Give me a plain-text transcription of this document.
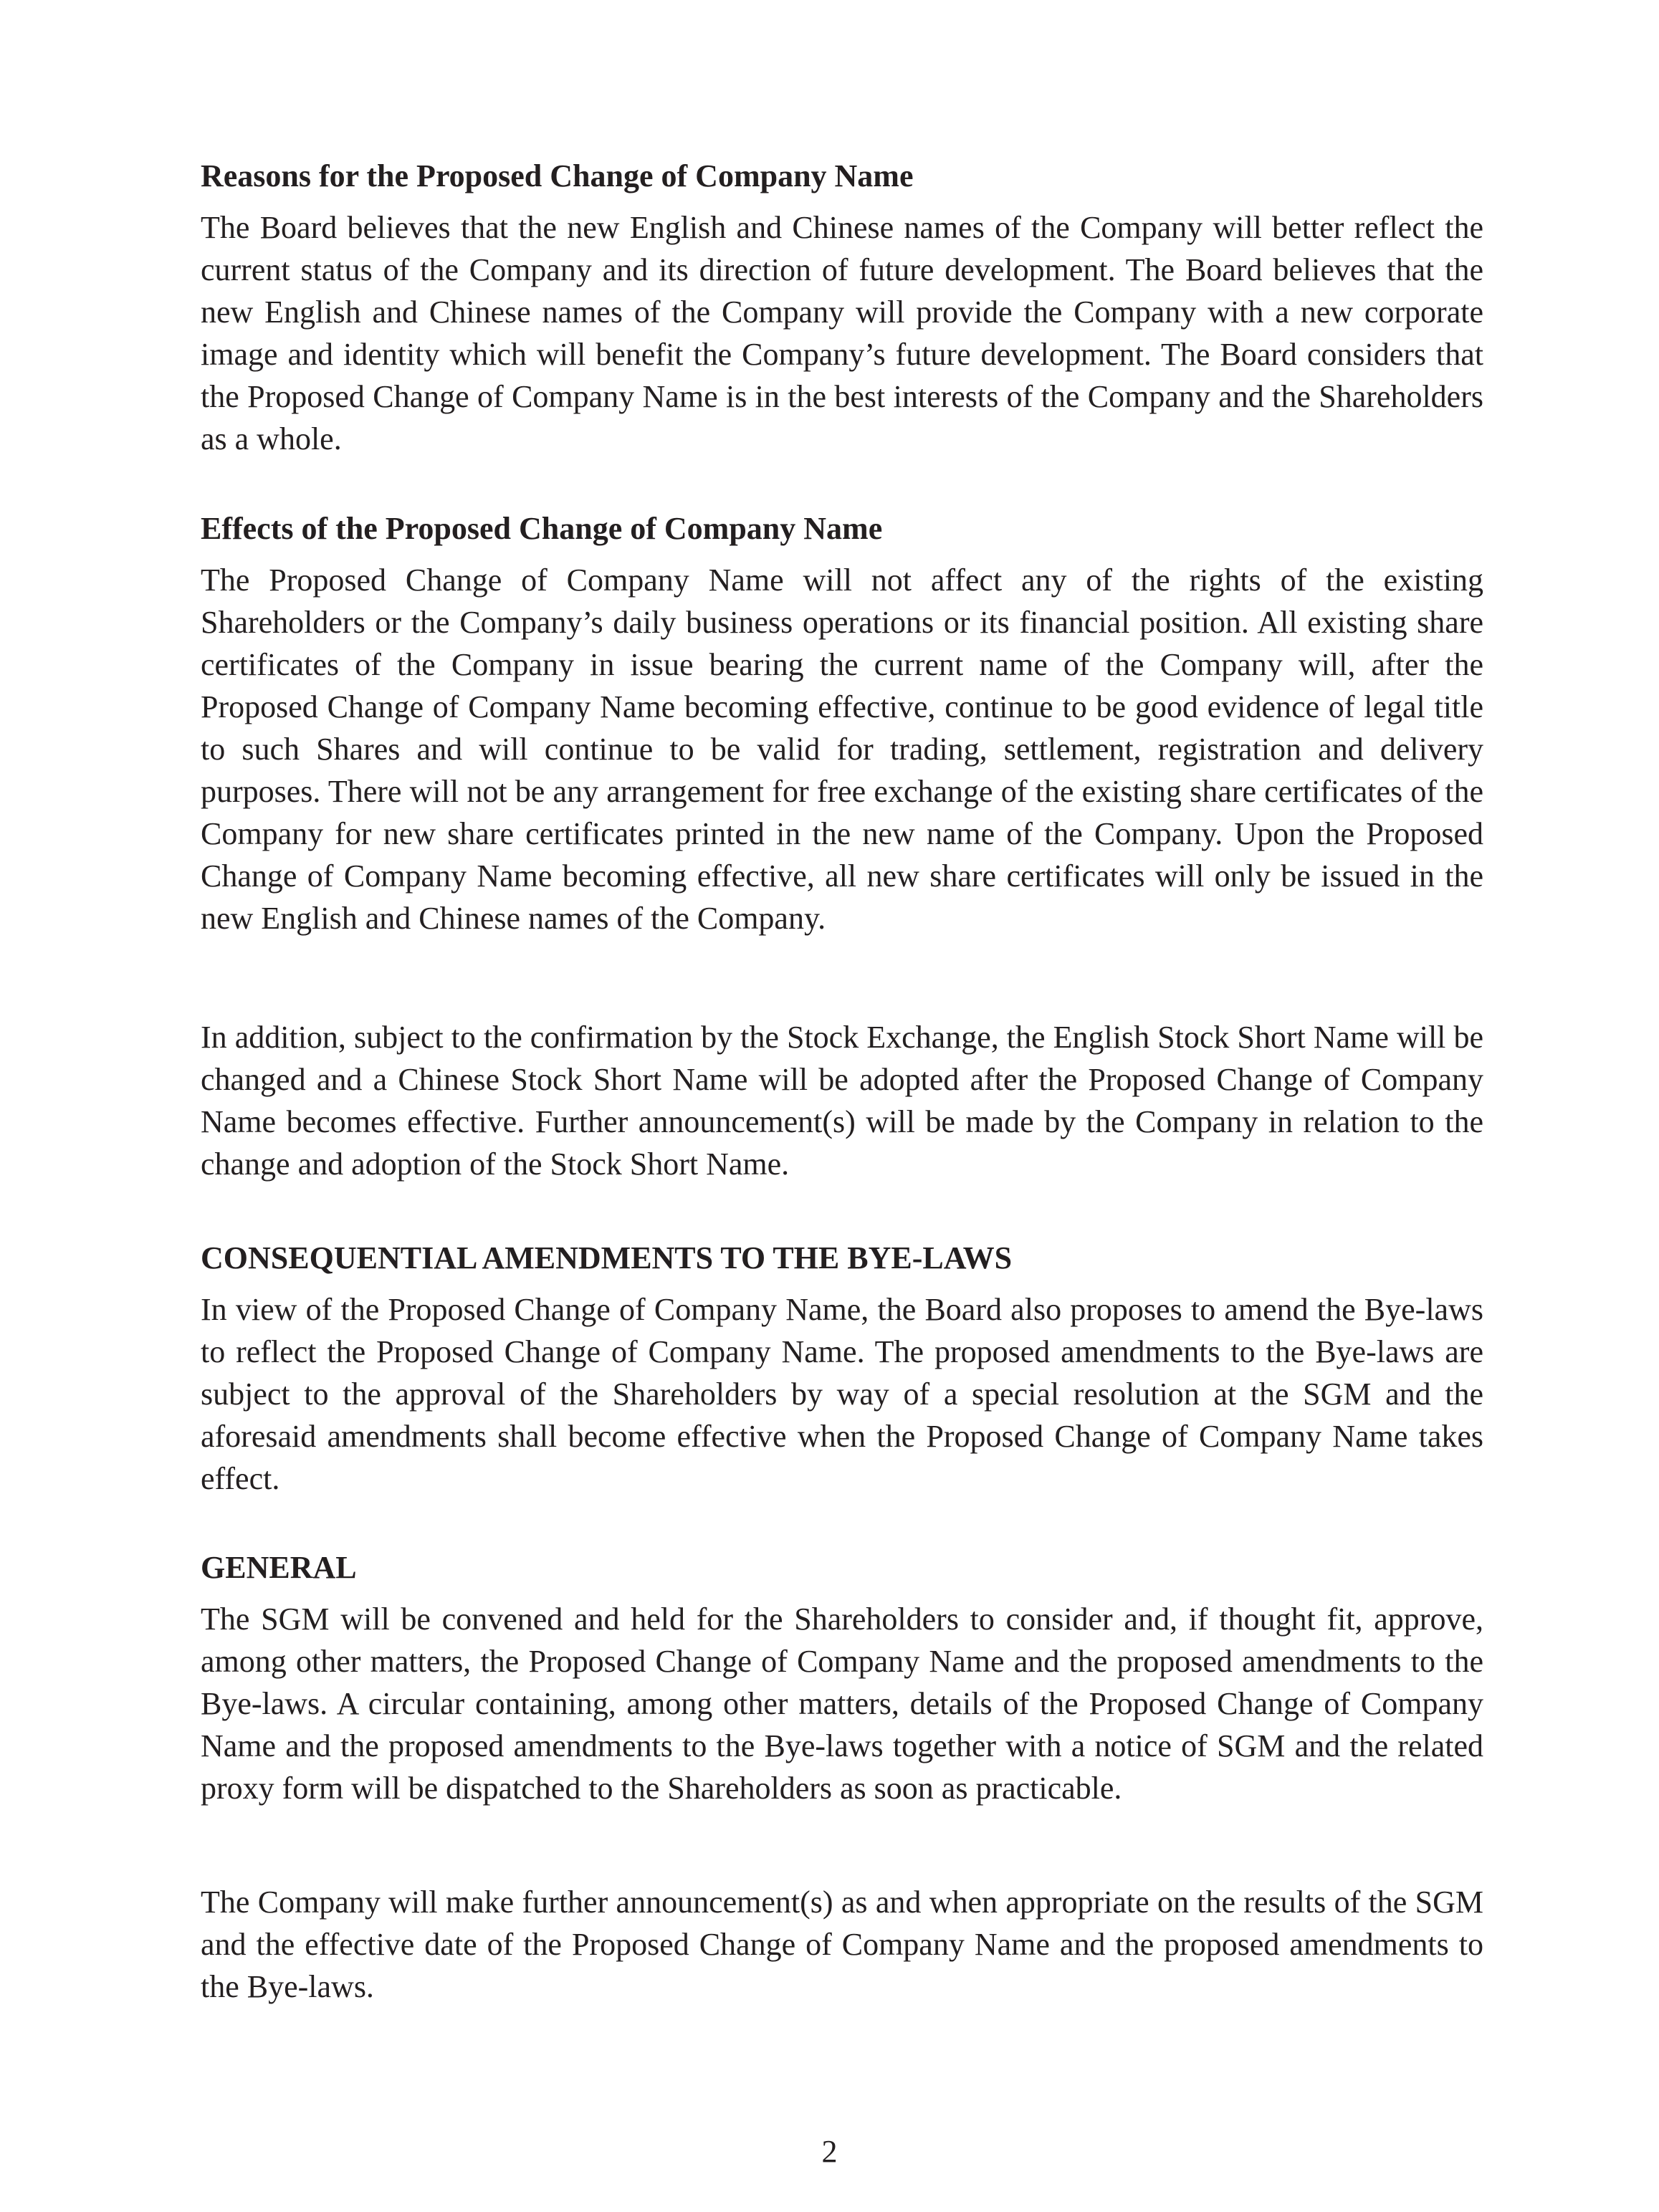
Reasons for the Proposed Change of Company Name

The Board believes that the new English and Chinese names of the Company will better reflect the current status of the Company and its direction of future development. The Board believes that the new English and Chinese names of the Company will provide the Company with a new corporate image and identity which will benefit the Company’s future development. The Board considers that the Proposed Change of Company Name is in the best interests of the Company and the Shareholders as a whole.

Effects of the Proposed Change of Company Name

The Proposed Change of Company Name will not affect any of the rights of the existing Shareholders or the Company’s daily business operations or its financial position. All existing share certificates of the Company in issue bearing the current name of the Company will, after the Proposed Change of Company Name becoming effective, continue to be good evidence of legal title to such Shares and will continue to be valid for trading, settlement, registration and delivery purposes. There will not be any arrangement for free exchange of the existing share certificates of the Company for new share certificates printed in the new name of the Company. Upon the Proposed Change of Company Name becoming effective, all new share certificates will only be issued in the new English and Chinese names of the Company.

In addition, subject to the confirmation by the Stock Exchange, the English Stock Short Name will be changed and a Chinese Stock Short Name will be adopted after the Proposed Change of Company Name becomes effective. Further announcement(s) will be made by the Company in relation to the change and adoption of the Stock Short Name.

CONSEQUENTIAL AMENDMENTS TO THE BYE-LAWS

In view of the Proposed Change of Company Name, the Board also proposes to amend the Bye-laws to reflect the Proposed Change of Company Name. The proposed amendments to the Bye-laws are subject to the approval of the Shareholders by way of a special resolution at the SGM and the aforesaid amendments shall become effective when the Proposed Change of Company Name takes effect.

GENERAL

The SGM will be convened and held for the Shareholders to consider and, if thought fit, approve, among other matters, the Proposed Change of Company Name and the proposed amendments to the Bye-laws. A circular containing, among other matters, details of the Proposed Change of Company Name and the proposed amendments to the Bye-laws together with a notice of SGM and the related proxy form will be dispatched to the Shareholders as soon as practicable.

The Company will make further announcement(s) as and when appropriate on the results of the SGM and the effective date of the Proposed Change of Company Name and the proposed amendments to the Bye-laws.

2
